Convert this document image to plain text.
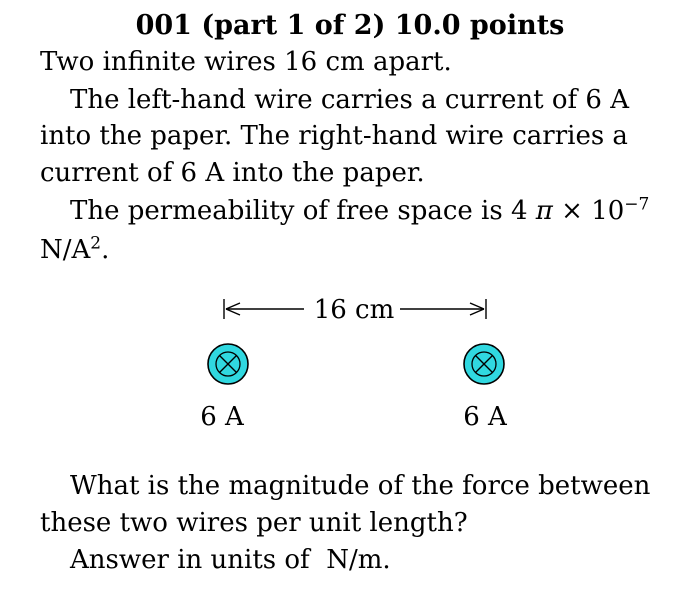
001 (part 1 of 2) 10.0 points
Two infinite wires 16 cm apart.
The left-hand wire carries a current of 6 A
into the paper. The right-hand wire carries a
current of 6 A into the paper.
The permeability of free space is 4 $\pi \times 10^{-7}$
$N/A^2$.
16 cm
6 A	6 A
What is the magnitude of the force between
these two wires per unit length?
Answer in units of  N/m.
